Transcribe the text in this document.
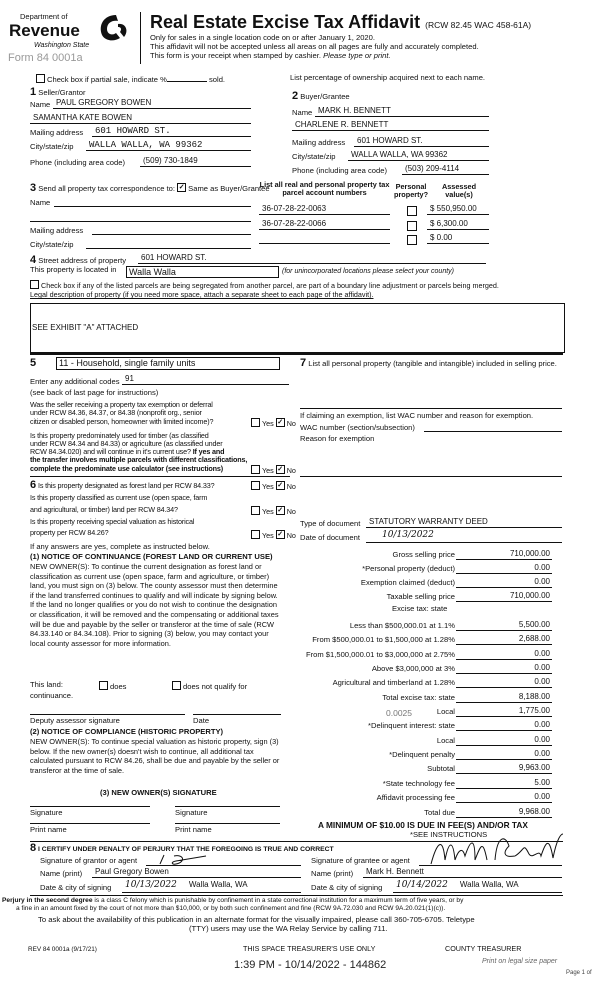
Department of
Revenue
Washington State
Form 84 0001a
Real Estate Excise Tax Affidavit (RCW 82.45 WAC 458-61A)
Only for sales in a single location code on or after January 1, 2020.
This affidavit will not be accepted unless all areas on all pages are fully and accurately completed.
This form is your receipt when stamped by cashier. Please type or print.
Check box if partial sale, indicate %	sold.	List percentage of ownership acquired next to each name.
1 Seller/Grantor
Name PAUL GREGORY BOWEN
SAMANTHA KATE BOWEN
Mailing address	601 HOWARD ST.
City/state/zip	WALLA WALLA, WA 99362
Phone (including area code)	(509) 730-1849
2 Buyer/Grantee
Name MARK H. BENNETT
CHARLENE R. BENNETT
Mailing address	601 HOWARD ST.
City/state/zip	WALLA WALLA, WA 99362
Phone (including area code)	(503) 209-4114
3 Send all property tax correspondence to: ✓ Same as Buyer/Grantee
Name
Mailing address
City/state/zip
List all real and personal property tax parcel account numbers
Personal property?
Assessed value(s)
36-07-28-22-0063	$ 550,950.00
36-07-28-22-0066	$ 6,300.00
$ 0.00
4 Street address of property	601 HOWARD ST.
This property is located in	Walla Walla	(for unincorporated locations please select your county)
Check box if any of the listed parcels are being segregated from another parcel, are part of a boundary line adjustment or parcels being merged.
Legal description of property (if you need more space, attach a separate sheet to each page of the affidavit).
SEE EXHIBIT "A" ATTACHED
5	11 - Household, single family units
Enter any additional codes 91
(see back of last page for instructions)
Was the seller receiving a property tax exemption or deferral
under RCW 84.36, 84.37, or 84.38 (nonprofit org., senior
citizen or disabled person, homeowner with limited income)?	Yes ✓ No
Is this property predominately used for timber (as classified
under RCW 84.34 and 84.33) or agriculture (as classified under
RCW 84.34.020) and will continue in it's current use? If yes and
the transfer involves multiple parcels with different classifications,
complete the predominate use calculator (see instructions)	Yes ✓ No
6 Is this property designated as forest land per RCW 84.33?	Yes ✓ No
Is this property classified as current use (open space, farm
and agricultural, or timber) land per RCW 84.34?	Yes ✓ No
Is this property receiving special valuation as historical
property per RCW 84.26?	Yes ✓ No
If any answers are yes, complete as instructed below.
(1) NOTICE OF CONTINUANCE (FOREST LAND OR CURRENT USE)
NEW OWNER(S): To continue the current designation as forest land or classification as current use (open space, farm and agriculture, or timber) land, you must sign on (3) below. The county assessor must then determine if the land transferred continues to qualify and will indicate by signing below. If the land no longer qualifies or you do not wish to continue the designation or classification, it will be removed and the compensating or additional taxes will be due and payable by the seller or transferor at the time of sale (RCW 84.33.140 or 84.34.108). Prior to signing (3) below, you may contact your local county assessor for more information.
This land:
continuance.
does	does not qualify for
Deputy assessor signature	Date
(2) NOTICE OF COMPLIANCE (HISTORIC PROPERTY)
NEW OWNER(S): To continue special valuation as historic property, sign (3) below. If the new owner(s) doesn't wish to continue, all additional tax calculated pursuant to RCW 84.26, shall be due and payable by the seller or transferor at the time of sale.
(3) NEW OWNER(S) SIGNATURE
Signature	Signature
Print name	Print name
7 List all personal property (tangible and intangible) included in selling price.
If claiming an exemption, list WAC number and reason for exemption.
WAC number (section/subsection)
Reason for exemption
Type of document	STATUTORY WARRANTY DEED
Date of document	10/13/2022
Gross selling price	710,000.00
*Personal property (deduct)	0.00
Exemption claimed (deduct)	0.00
Taxable selling price	710,000.00
Less than $500,000.01 at 1.1%	5,500.00
From $500,000.01 to $1,500,000 at 1.28%	2,688.00
From $1,500,000.01 to $3,000,000 at 2.75%	0.00
Above $3,000,000 at 3%	0.00
Agricultural and timberland at 1.28%	0.00
Total excise tax: state	8,188.00
Local	1,775.00
*Delinquent interest: state	0.00
Local	0.00
*Delinquent penalty	0.00
Subtotal	9,963.00
*State technology fee	5.00
Affidavit processing fee	0.00
Total due	9,968.00
Excise tax: state
0.0025
A MINIMUM OF $10.00 IS DUE IN FEE(S) AND/OR TAX
*SEE INSTRUCTIONS
8 I CERTIFY UNDER PENALTY OF PERJURY THAT THE FOREGOING IS TRUE AND CORRECT
Signature of grantor or agent
Name (print)	Paul Gregory Bowen
Date & city of signing	10/13/2022 Walla Walla, WA
Signature of grantee or agent
Name (print)	Mark H. Bennett
Date & city of signing	10/14/2022 Walla Walla, WA
Perjury in the second degree is a class C felony which is punishable by confinement in a state correctional institution for a maximum term of five years, or by
a fine in an amount fixed by the court of not more than $10,000, or by both such confinement and fine (RCW 9A.72.030 and RCW 9A.20.021(1)(c)).
To ask about the availability of this publication in an alternate format for the visually impaired, please call 360-705-6705. Teletype
(TTY) users may use the WA Relay Service by calling 711.
REV 84 0001a (9/17/21)	THIS SPACE TREASURER'S USE ONLY	COUNTY TREASURER
1:39 PM - 10/14/2022 - 144862	Print on legal size paper
Page 1 of
